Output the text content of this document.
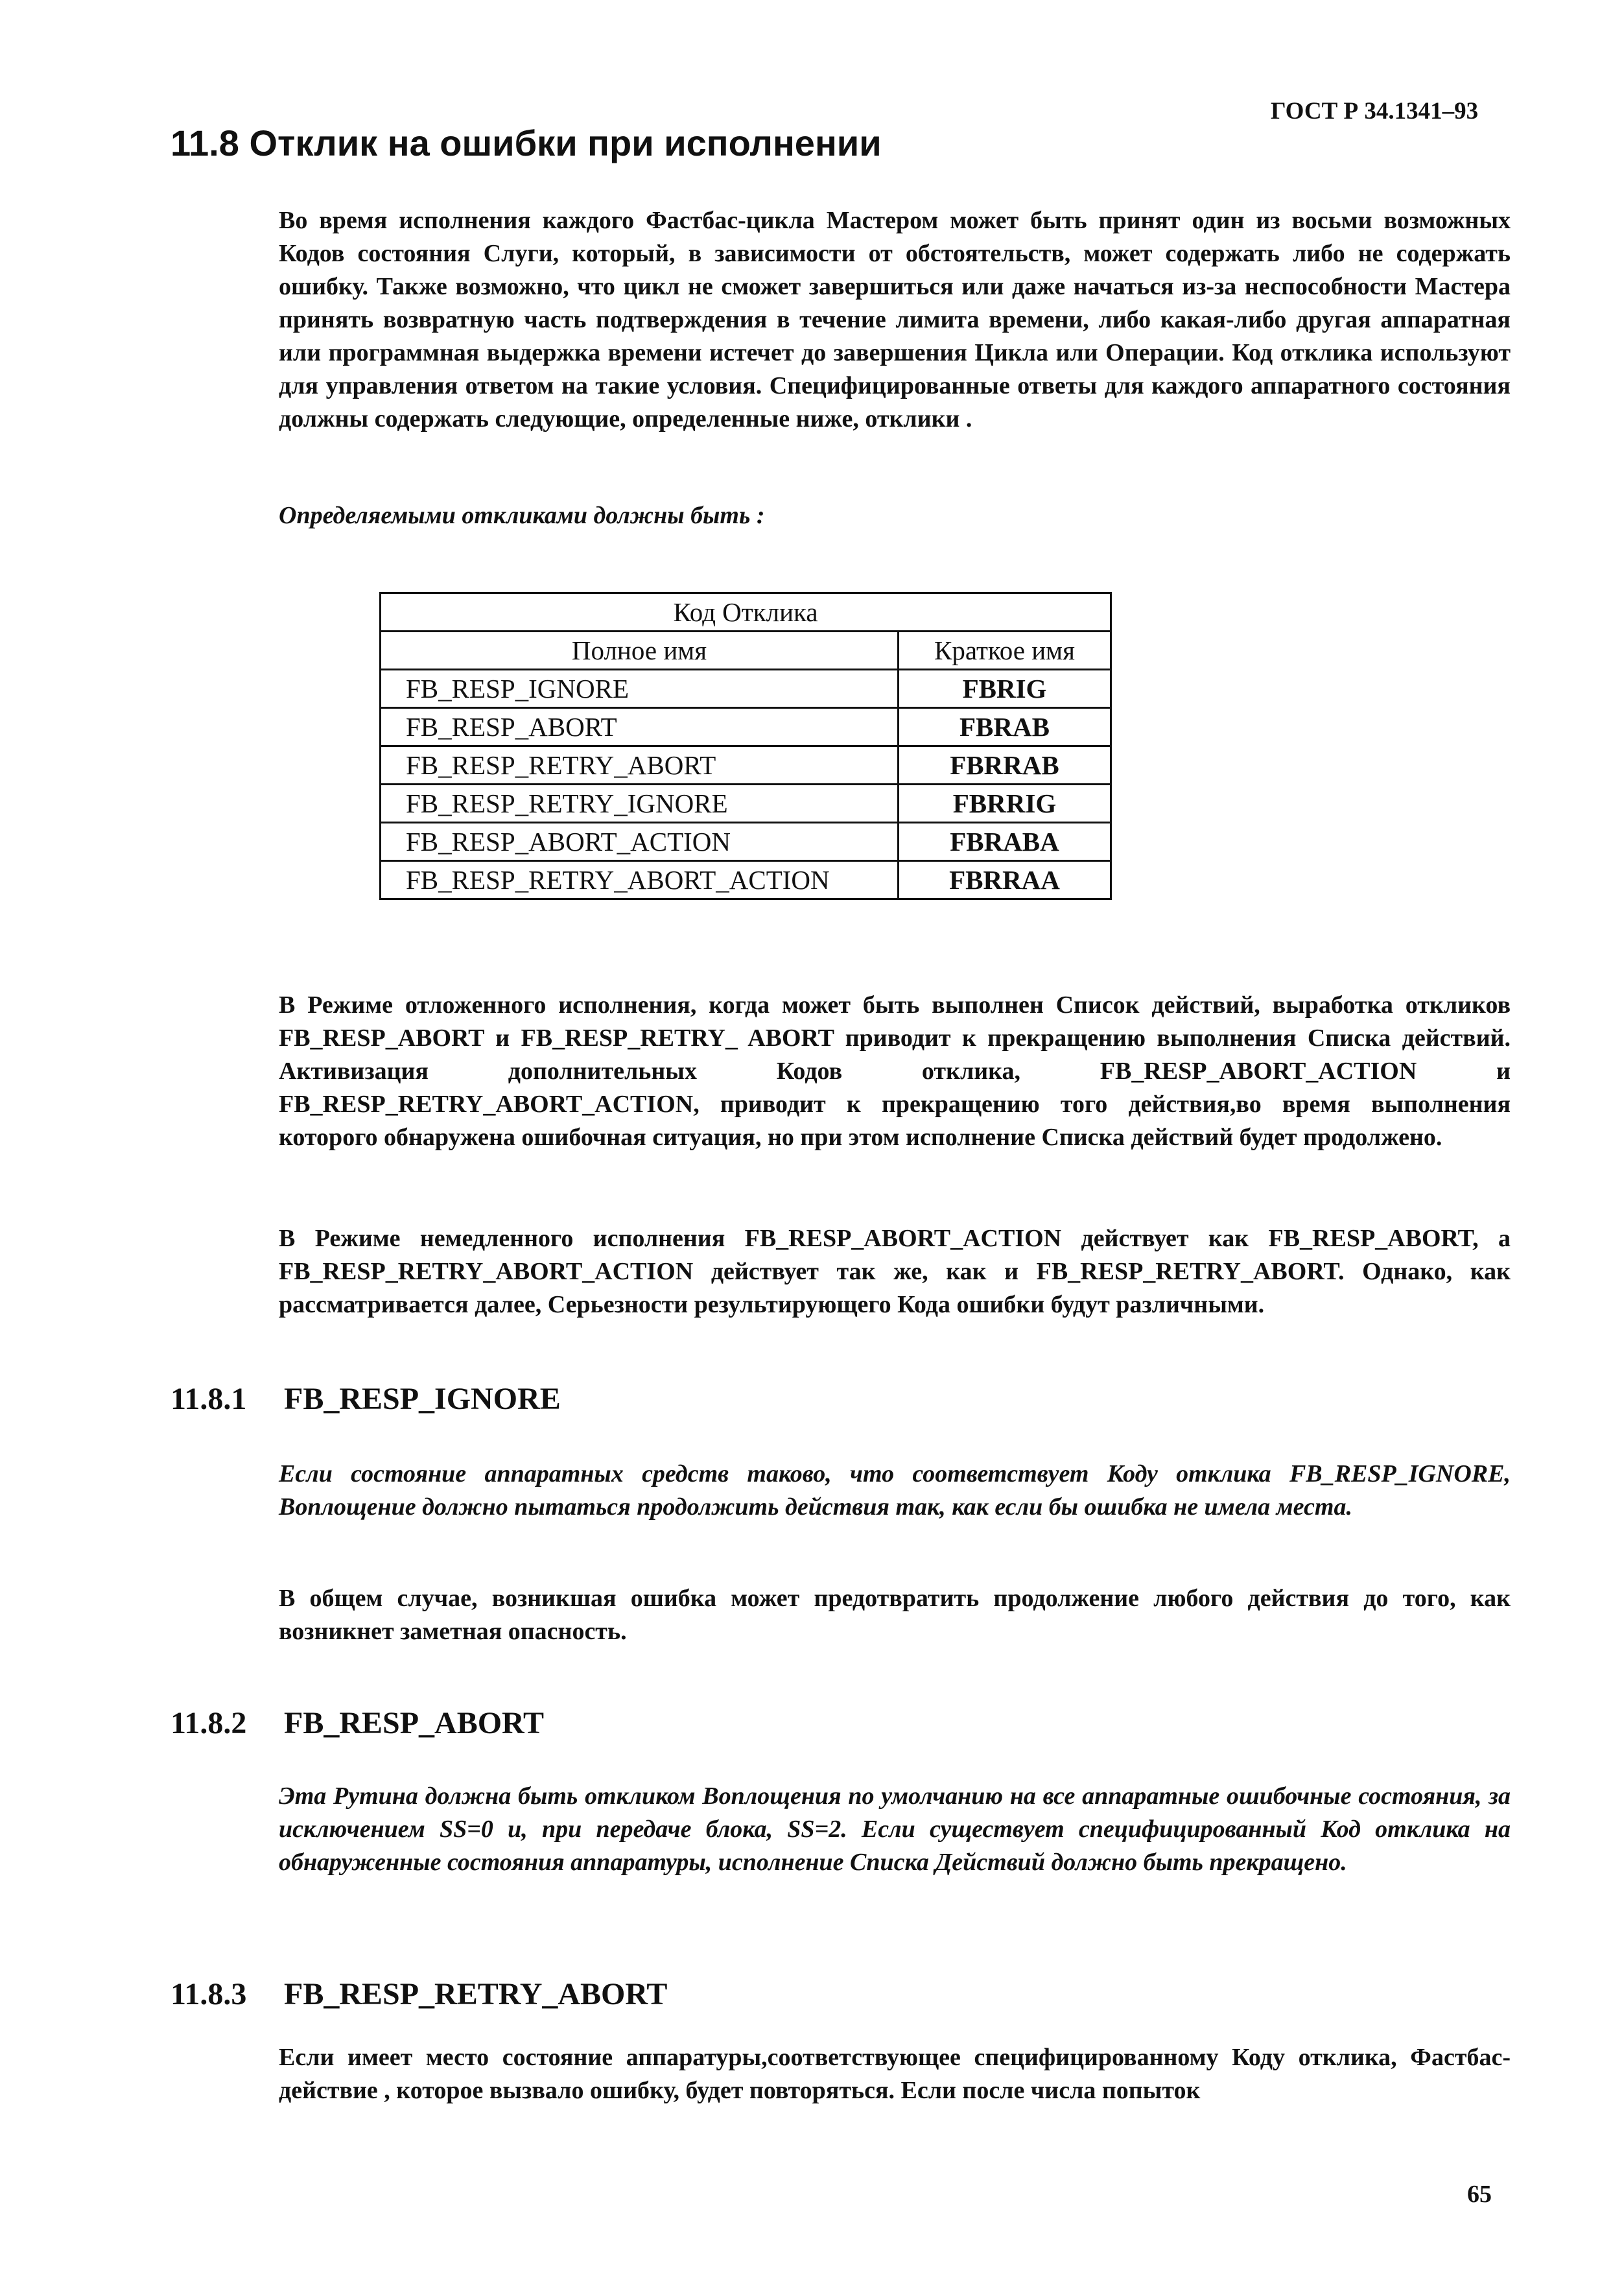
ГОСТ Р 34.1341–93
11.8 Отклик на ошибки при исполнении

Во время исполнения каждого Фастбас-цикла Мастером может быть принят один из восьми возможных Кодов состояния Слуги, который, в зависимости от обстоятельств, может содержать либо не содержать ошибку. Также возможно, что цикл не сможет завершиться или даже начаться из-за неспособности Мастера принять возвратную часть подтверждения в течение лимита времени, либо какая-либо другая аппаратная или программная выдержка времени истечет до завершения Цикла или Операции. Код отклика используют для управления ответом на такие условия. Специфицированные ответы для каждого аппаратного состояния должны содержать следующие, определенные ниже, отклики .

Определяемыми откликами должны быть :

Код Отклика	
Полное имя	Краткое имя
FB_RESP_IGNORE	FBRIG
FB_RESP_ABORT	FBRAB
FB_RESP_RETRY_ABORT	FBRRAB
FB_RESP_RETRY_IGNORE	FBRRIG
FB_RESP_ABORT_ACTION	FBRABA
FB_RESP_RETRY_ABORT_ACTION	FBRRAA

В Режиме отложенного исполнения, когда может быть выполнен Список действий, выработка откликов FB_RESP_ABORT и FB_RESP_RETRY_ ABORT приводит к прекращению выполнения Списка действий. Активизация дополнительных Кодов отклика, FB_RESP_ABORT_ACTION и FB_RESP_RETRY_ABORT_ACTION, приводит к прекращению того действия,во время выполнения которого обнаружена ошибочная ситуация, но при этом исполнение Списка действий будет продолжено.

В Режиме немедленного исполнения FB_RESP_ABORT_ACTION действует как FB_RESP_ABORT, а FB_RESP_RETRY_ABORT_ACTION действует так же, как и FB_RESP_RETRY_ABORT. Однако, как рассматривается далее, Серьезности результирующего Кода ошибки будут различными.

11.8.1 FB_RESP_IGNORE

Если состояние аппаратных средств таково, что соответствует Коду отклика FB_RESP_IGNORE, Воплощение должно пытаться продолжить действия так, как если бы ошибка не имела места.

В общем случае, возникшая ошибка может предотвратить продолжение любого действия до того, как возникнет заметная опасность.

11.8.2 FB_RESP_ABORT

Эта Рутина должна быть откликом Воплощения по умолчанию на все аппаратные ошибочные состояния, за исключением SS=0 и, при передаче блока, SS=2. Если существует специфицированный Код отклика на обнаруженные состояния аппаратуры, исполнение Списка Действий должно быть прекращено.

11.8.3 FB_RESP_RETRY_ABORT

Если имеет место состояние аппаратуры,соответствующее специфицированному Коду отклика, Фастбас-действие , которое вызвало ошибку, будет повторяться. Если после числа попыток

65
